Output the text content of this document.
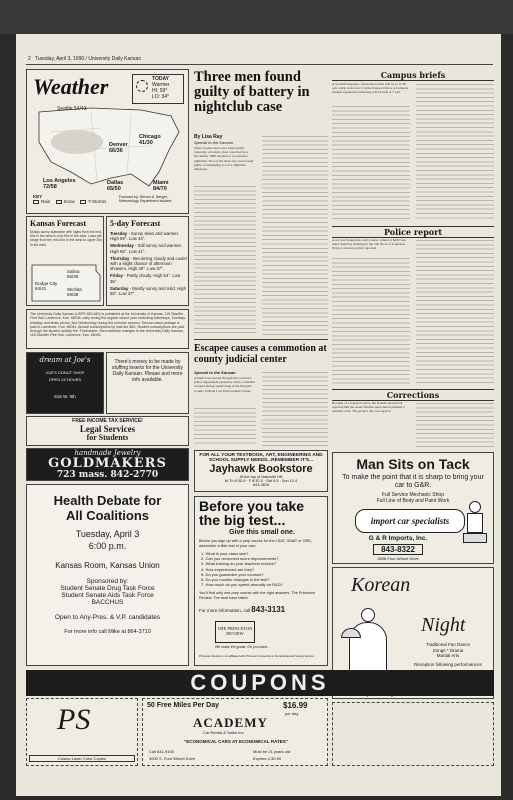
2 Tuesday, April 3, 1990 / University Daily Kansan
Weather	TODAY
Warmer
HI: 59°
LO: 34°
Seattle 54/43
Chicago
41/30
Denver
66/36
Los Angeles
72/58
Dallas
65/50
Miami
84/70
KEY
Rain	Snow	T-Storms
Forecast by: Steven A. Berger, Meteorology Department student
Kansas Forecast
Mostly sunny statewide with highs from the mid-60s in the west to mid-50s in the east. Lows will range from the mid-40s in the west to upper 30s in the east.
Salina
56/36
Dodge City
64/41	Wichita
59/38
5-day Forecast
Tuesday - Sunny skies and warmer. High 59°. Low 34°.
Wednesday - Still sunny and warmer. High 65°. Low 41°.
Thursday - Becoming cloudy and cooler with a slight chance of afternoon showers. High 48°. Low 37°.
Friday - Partly cloudy. High 53°. Low 35°.
Saturday - Mostly sunny and mild. High 58°. Low 37°.
The University Daily Kansan (USPS 650-640) is published at the University of Kansas, 118 Stauffer-Flint Hall, Lawrence, Kan. 66045, daily during the regular school year excluding Saturdays, Sundays, holidays and finals period, and Wednesday during the summer session. Second-class postage is paid in Lawrence, Kan. 66044. Annual subscriptions by mail are $50. Student subscriptions are paid through the student activity fee. Postmaster: Send address changes to the University Daily Kansan, 118 Stauffer-Flint Hall, Lawrence, Kan. 66045.
dream at Joe's
JOE'S DONUT SHOP
OPEN 24 HOURS
616 W. 9th
There's money to be made by stuffing inserts for the University Daily Kansan. Please and more info available.
FREE INCOME TAX SERVICE!
Legal Services
for Students
handmade Jewelry
GOLDMAKERS
723 mass. 842-2770
Health Debate for
All Coalitions
Tuesday, April 3
6:00 p.m.
Kansas Room, Kansas Union
Sponsored by:
Student Senate Drug Task Force
Student Senate Aids Task Force
BACCHUS
Open to Any-Pres. & V.P. candidates
For more info call Mike at 864-3710
Three men found guilty of battery in nightclub case
By Lisa Ray
Special to the Kansan
Three Topeka men were found guilty yesterday of battery, then convicted in a November 1989 incident at a Lawrence nightclub. Two of the three also were found guilty of attempting to rob a nightclub employee.
Escapee causes a commotion at county judicial center
Special to the Kansan
A brief scare spread through the Lawrence police department yesterday when a criminal escaped during questioning at the Douglas County Judicial Law Enforcement Center.
FOR ALL YOUR TEXTBOOK, ART, ENGINEERING AND SCHOOL SUPPLY NEEDS...REMEMBER IT'S...
Jayhawk Bookstore
At the top of Naismith Hill
M-Th 8:30-9 · F 8:30-5 · Sat 9-5 · Sun 12-4
843-3826
Before you take the big test...
Give this small one.
Before you sign up with a prep course for the LSAT, GMAT or GRE, administer a little test of your own.
1. What is your class size?
2. Can you reconnect score improvements?
3. What training do your teachers receive?
4. How experienced are they?
5. Do you guarantee your courses?
6. Do you monitor changes in the test?
7. How much do you spend annually on R&D?
You'll find only one prep course with the right answers. The Princeton Review. The best have failed.
For more information, call 843-3131
THE PRINCETON REVIEW
We make the grade. Do you want...
Princeton Review is not affiliated with Princeton University or the Educational Testing Service.
Campus briefs
A Swahili language conversation table will be at 11:30 a.m. today at Alcove C in the Kansas Union. A Lutheran student organization meeting will be held at 7 p.m.
Police report
A car was broken into and a stereo valued at $200 was taken Saturday morning in the 100 block of Louisiana Drive, Lawrence police reported.
Corrections
Because of a reporter's error, the Kansan incorrectly reported that the Asian Student Association planned a cultural event. The group's day was April 4.
Man Sits on Tack
To make the point that it is sharp to bring your car to G&R.
Full Service Mechanic Shop
Full Line of Body and Paint Work
import car specialists
G & R Imports, Inc.
843-8322
2808 Four-Wheel Drive
Korean
Night
Traditional Fan Dance
Songs * Drama
Martial Arts
Reception following performances
COUPONS
PS
Cosmo Laser Color Copies
50 Free Miles Per Day	$16.99
per day
ACADEMY
Car Rental & Sales Inc.
"ECONOMICAL CARS AT ECONOMICAL RATES"
Call 841-9100	Must be 21 years old
3000 S. Four Wheel Drive	Expires 4-30-90
